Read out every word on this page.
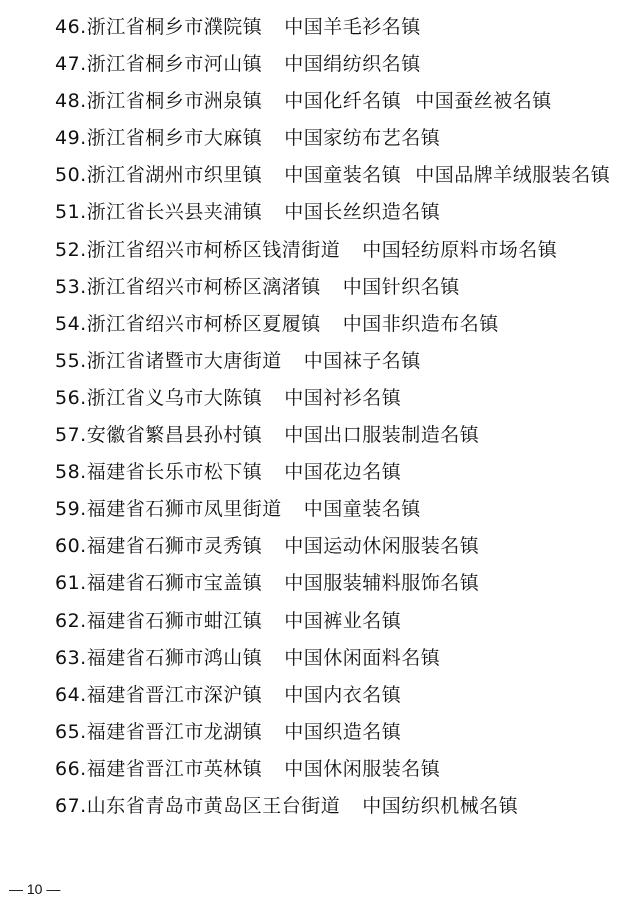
46.浙江省桐乡市濮院镇 中国羊毛衫名镇
47.浙江省桐乡市河山镇 中国绢纺织名镇
48.浙江省桐乡市洲泉镇 中国化纤名镇 中国蚕丝被名镇
49.浙江省桐乡市大麻镇 中国家纺布艺名镇
50.浙江省湖州市织里镇 中国童装名镇 中国品牌羊绒服装名镇
51.浙江省长兴县夹浦镇 中国长丝织造名镇
52.浙江省绍兴市柯桥区钱清街道 中国轻纺原料市场名镇
53.浙江省绍兴市柯桥区漓渚镇 中国针织名镇
54.浙江省绍兴市柯桥区夏履镇 中国非织造布名镇
55.浙江省诸暨市大唐街道 中国袜子名镇
56.浙江省义乌市大陈镇 中国衬衫名镇
57.安徽省繁昌县孙村镇 中国出口服装制造名镇
58.福建省长乐市松下镇 中国花边名镇
59.福建省石狮市凤里街道 中国童装名镇
60.福建省石狮市灵秀镇 中国运动休闲服装名镇
61.福建省石狮市宝盖镇 中国服装辅料服饰名镇
62.福建省石狮市蚶江镇 中国裤业名镇
63.福建省石狮市鸿山镇 中国休闲面料名镇
64.福建省晋江市深沪镇 中国内衣名镇
65.福建省晋江市龙湖镇 中国织造名镇
66.福建省晋江市英林镇 中国休闲服装名镇
67.山东省青岛市黄岛区王台街道 中国纺织机械名镇
— 10 —
